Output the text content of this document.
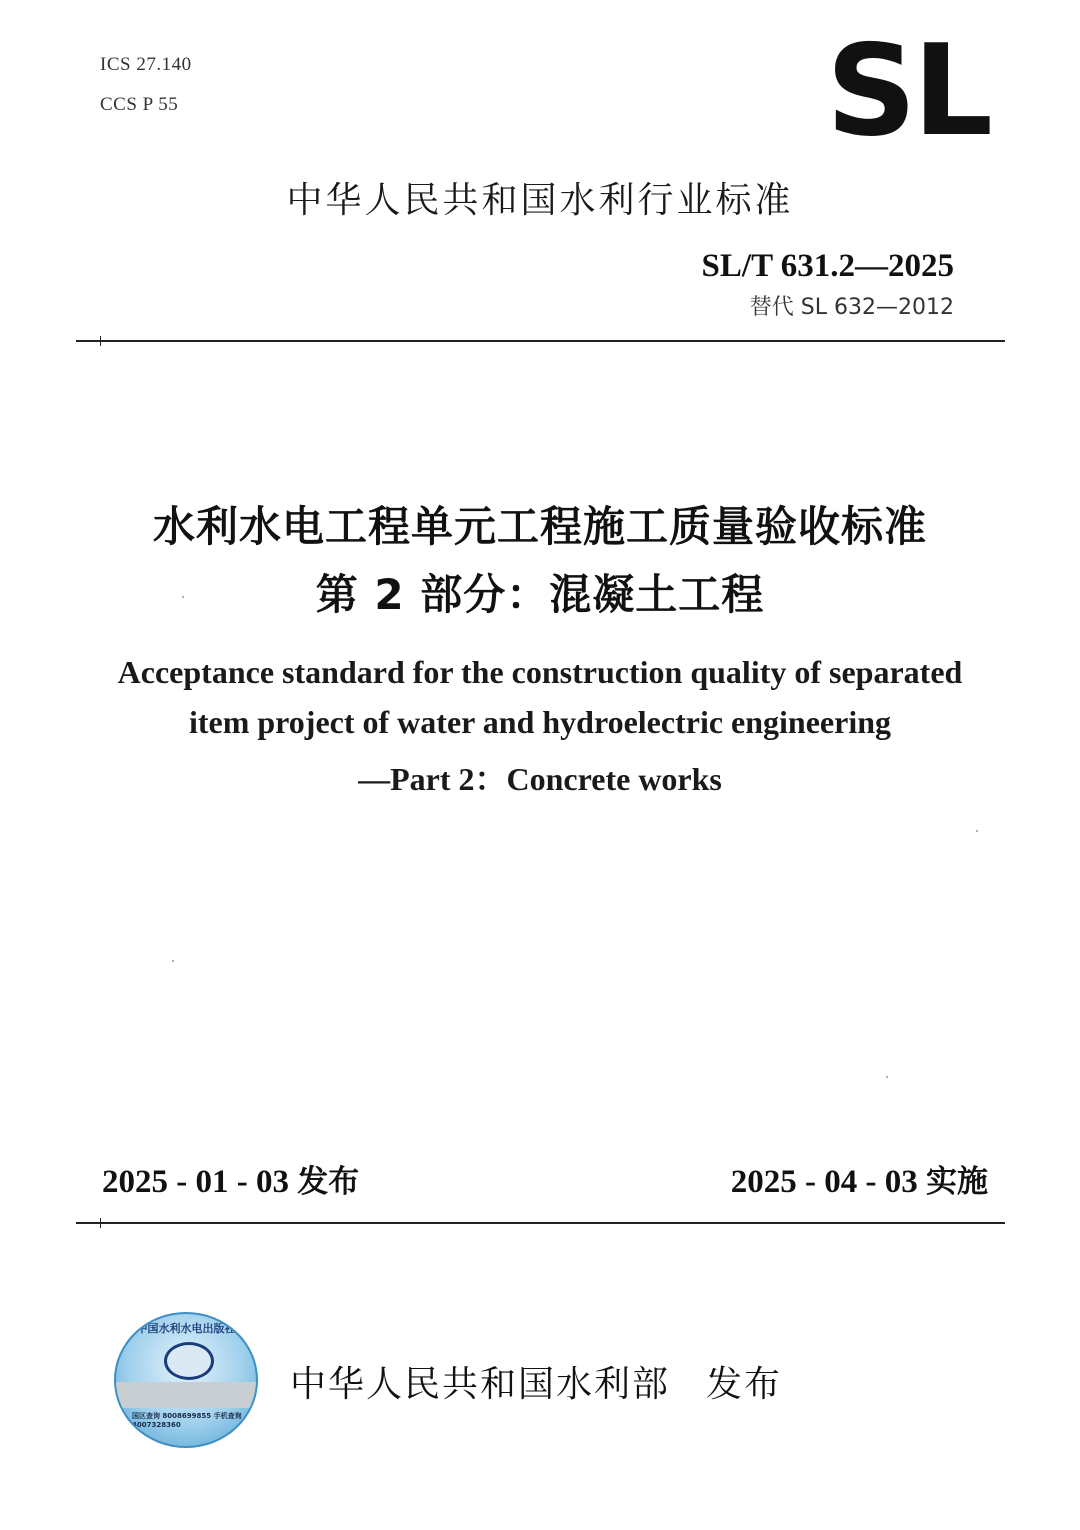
ICS 27.140
CCS P 55	SL
中华人民共和国水利行业标准
SL/T 631.2—2025
替代 SL 632—2012
水利水电工程单元工程施工质量验收标准
第 2 部分：混凝土工程
Acceptance standard for the construction quality of separated
item project of water and hydroelectric engineering
—Part 2：Concrete works
2025 - 01 - 03 发布	2025 - 04 - 03 实施
中国水利水电出版社
国区查询 8008699855 手机查询 4007328360
中华人民共和国水利部 发布
